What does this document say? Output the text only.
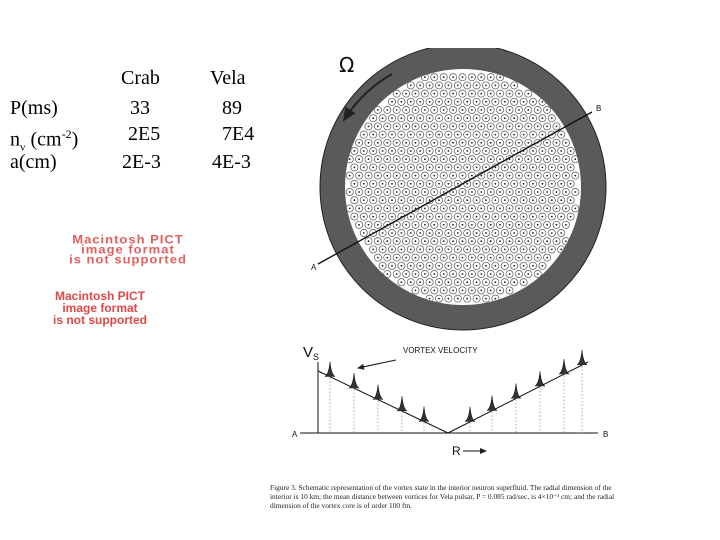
Crab	Vela
P(ms)	33	89
$n_v$ $(cm^{-2})$ 2E5	7E4
a(cm)	2E-3	4E-3
Macintosh PICT
image format
is not supported
Macintosh PICT
image format
is not supported
Ω
B
A
$V_S$
VORTEX VELOCITY
A	B
R
Figure 3. Schematic representation of the vortex state in the interior neutron superfluid. The radial dimension of the interior is 10 km; the mean distance between vortices for Vela pulsar, P = 0.085 rad/sec, is 4×10⁻³ cm; and the radial dimension of the vortex core is of order 100 fm.
